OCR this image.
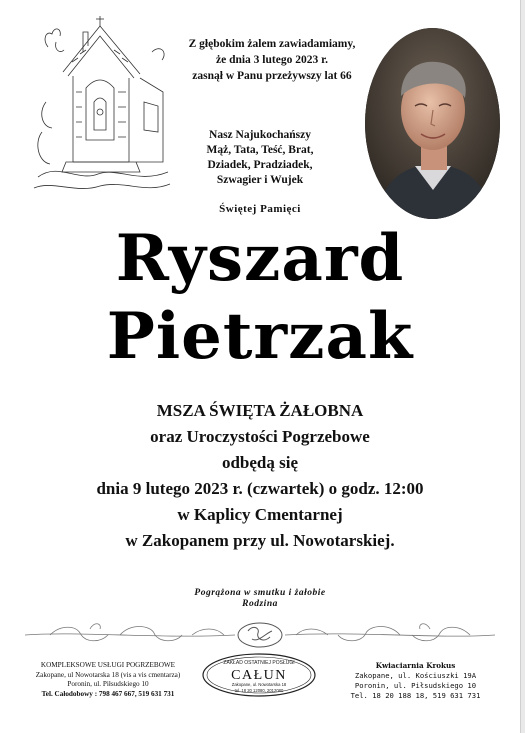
Z głębokim żalem zawiadamiamy,
że dnia 3 lutego 2023 r.
zasnął w Panu przeżywszy lat 66
Nasz Najukochańszy
Mąż, Tata, Teść, Brat,
Dziadek, Pradziadek,
Szwagier i Wujek
Świętej Pamięci
Ryszard
Pietrzak
MSZA ŚWIĘTA ŻAŁOBNA
oraz Uroczystości Pogrzebowe
odbędą się
dnia 9 lutego 2023 r. (czwartek) o godz. 12:00
w Kaplicy Cmentarnej
w Zakopanem przy ul. Nowotarskiej.
Pogrążona w smutku i żałobie
Rodzina
KOMPLEKSOWE USŁUGI POGRZEBOWE
Zakopane, ul Nowotarska 18 (vis a vis cmentarza)
Poronin, ul. Piłsudskiego 10
Tel. Całodobowy : 798 467 667, 519 631 731
ZAKŁAD OSTATNIEJ POSŁUGI
CAŁUN
Zakopane, ul. Nowotarska 18
tel. 18 20 12080, 2012080
Kwiaciarnia Krokus
Zakopane, ul. Kościuszki 19A
Poronin, ul. Piłsudskiego 10
Tel. 18 20 188 18, 519 631 731
